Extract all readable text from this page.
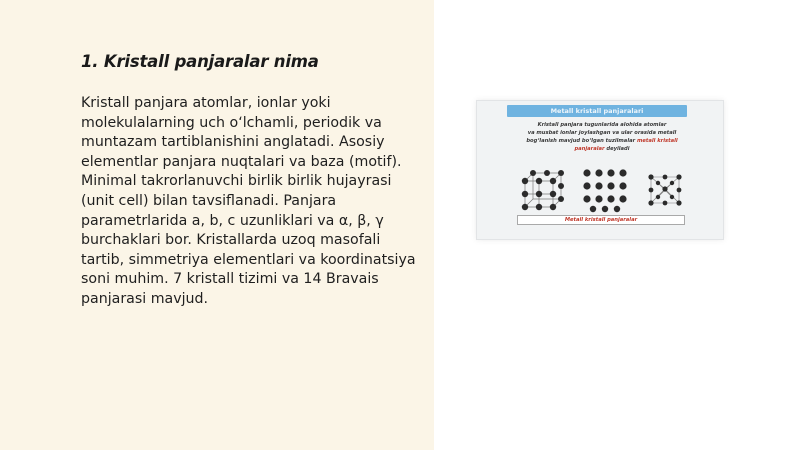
1. Kristall panjaralar nima
Kristall panjara atomlar, ionlar yoki molekulalarning uch o‘lchamli, periodik va muntazam tartiblanishini anglatadi. Asosiy elementlar panjara nuqtalari va baza (motif). Minimal takrorlanuvchi birlik birlik hujayrasi (unit cell) bilan tavsiflanadi. Panjara parametrlarida a, b, c uzunliklari va α, β, γ burchaklari bor. Kristallarda uzoq masofali tartib, simmetriya elementlari va koordinatsiya soni muhim. 7 kristall tizimi va 14 Bravais panjarasi mavjud.
Metall kristall panjaralari
Kristall panjara tugunlarida alohida atomlar
va musbat ionlar joylashgan va ular orasida metall
bog‘lanish mavjud bo‘lgan tuzilmalar metall kristall
panjaralar deyiladi
Metall kristall panjaralar
